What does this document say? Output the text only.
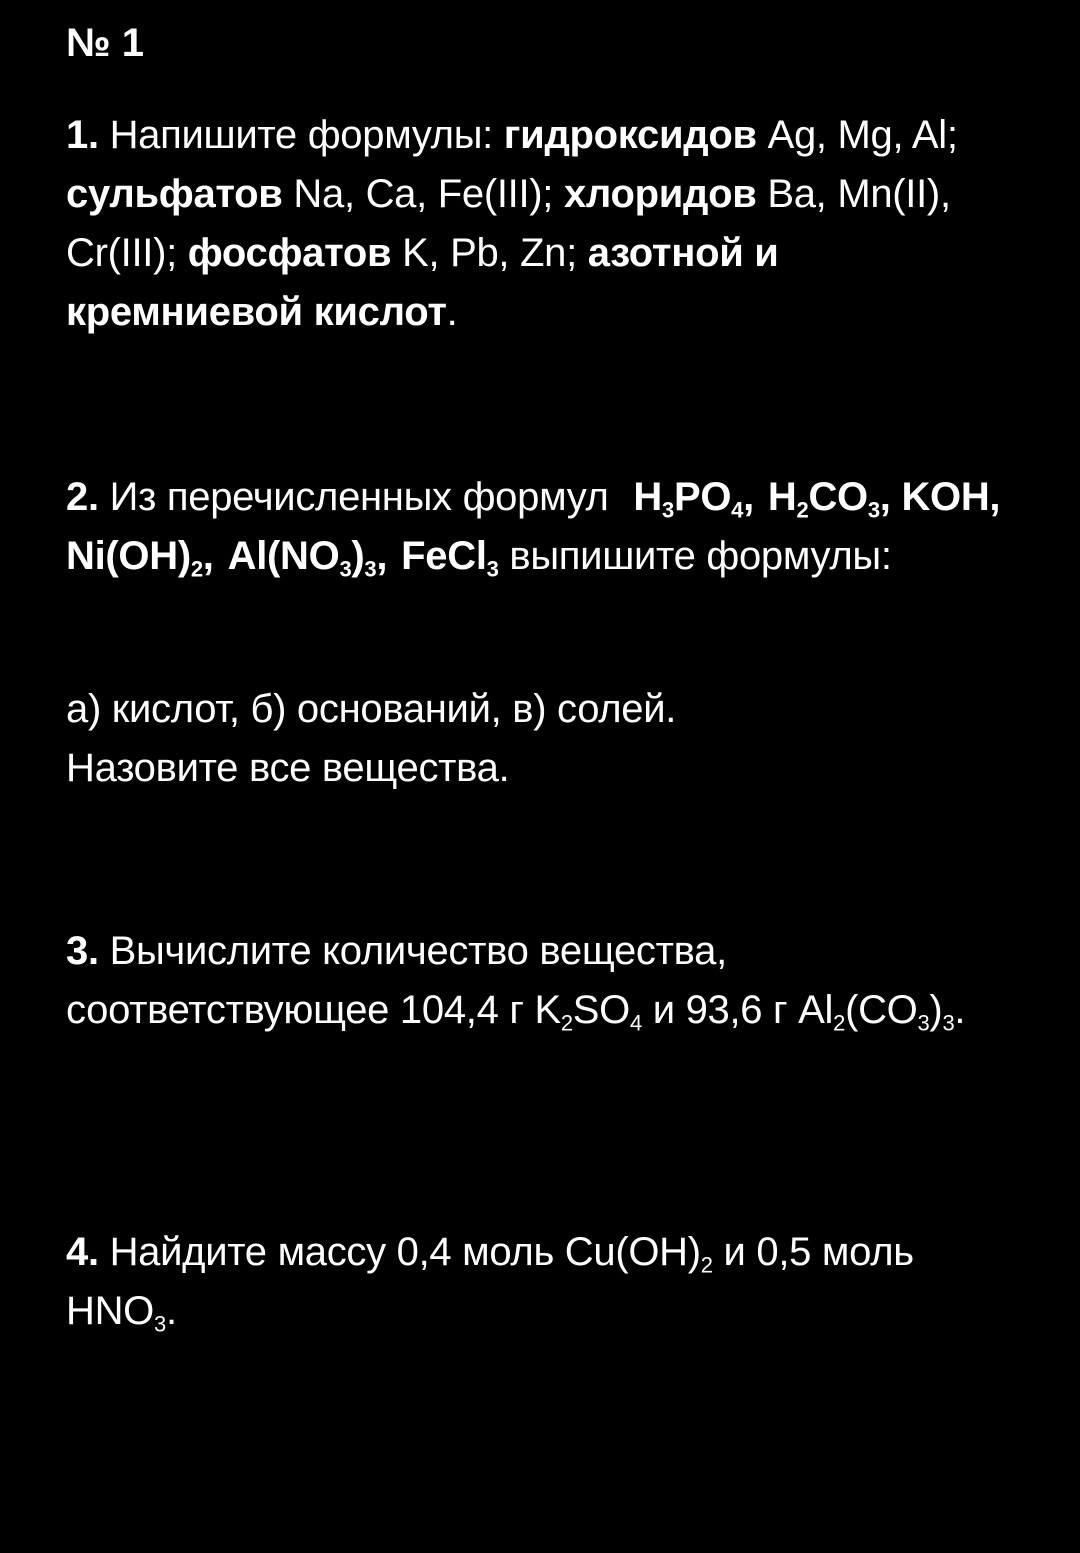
№ 1

1. Напишите формулы: гидроксидов Ag, Mg, Al; сульфатов Na, Ca, Fe(III); хлоридов Ba, Mn(II), Cr(III); фосфатов K, Pb, Zn; азотной и кремниевой кислот.

2. Из перечисленных формул $H_3PO_4$, $H_2CO_3$, $KOH,Ni(OH)_2$, $Al(NO_3)_3$, FeCl$_3$ выпишите формулы:

а) кислот, б) оснований, в) солей.
Назовите все вещества.

3. Вычислите количество вещества, соответствующее 104,4 г $K_2SO_4$ и 93,6 г $Al_2(CO_3)_3$.

4. Найдите массу 0,4 моль $Cu(OH)_2$ и 0,5 моль $HNO_3$.
